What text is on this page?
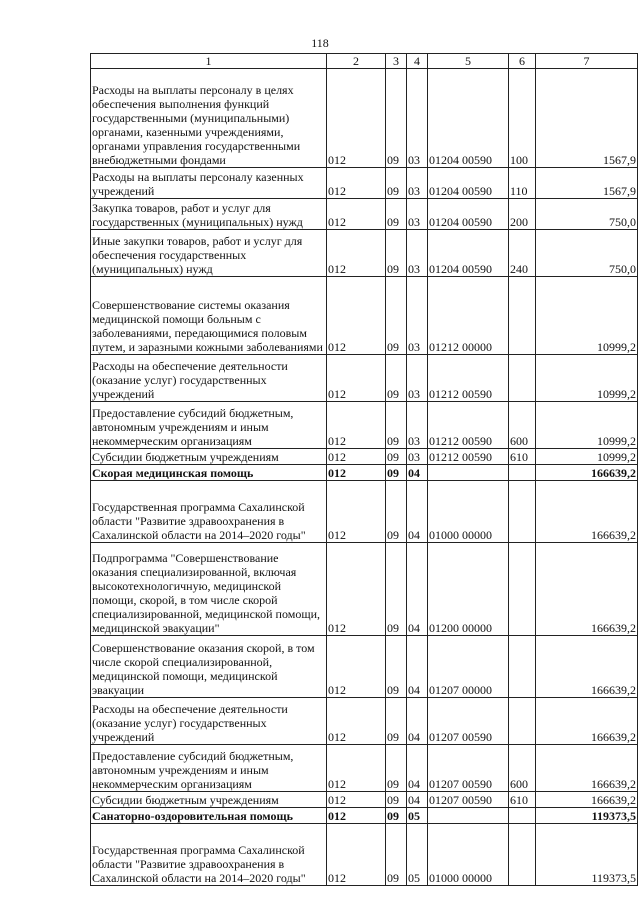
118
1	2	3	4	5	6	7
Расходы на выплаты персоналу в целях обеспечения выполнения функций государственными (муниципальными) органами, казенными учреждениями, органами управления государственными внебюджетными фондами	012	09	03	01204 00590	100	1567,9
Расходы на выплаты персоналу казенных учреждений	012	09	03	01204 00590	110	1567,9
Закупка товаров, работ и услуг для государственных (муниципальных) нужд	012	09	03	01204 00590	200	750,0
Иные закупки товаров, работ и услуг для обеспечения государственных (муниципальных) нужд	012	09	03	01204 00590	240	750,0
Совершенствование системы оказания медицинской помощи больным с заболеваниями, передающимися половым путем, и заразными кожными заболеваниями	012	09	03	01212 00000		10999,2
Расходы на обеспечение деятельности (оказание услуг) государственных учреждений	012	09	03	01212 00590		10999,2
Предоставление субсидий бюджетным, автономным учреждениям и иным некоммерческим организациям	012	09	03	01212 00590	600	10999,2
Субсидии бюджетным учреждениям	012	09	03	01212 00590	610	10999,2
Скорая медицинская помощь	012	09	04			166639,2
Государственная программа Сахалинской области "Развитие здравоохранения в Сахалинской области на 2014–2020 годы"	012	09	04	01000 00000		166639,2
Подпрограмма "Совершенствование оказания специализированной, включая высокотехнологичную, медицинской помощи, скорой, в том числе скорой специализированной, медицинской помощи, медицинской эвакуации"	012	09	04	01200 00000		166639,2
Совершенствование оказания скорой, в том числе скорой специализированной, медицинской помощи, медицинской эвакуации	012	09	04	01207 00000		166639,2
Расходы на обеспечение деятельности (оказание услуг) государственных учреждений	012	09	04	01207 00590		166639,2
Предоставление субсидий бюджетным, автономным учреждениям и иным некоммерческим организациям	012	09	04	01207 00590	600	166639,2
Субсидии бюджетным учреждениям	012	09	04	01207 00590	610	166639,2
Санаторно-оздоровительная помощь	012	09	05			119373,5
Государственная программа Сахалинской области "Развитие здравоохранения в Сахалинской области на 2014–2020 годы"	012	09	05	01000 00000		119373,5
